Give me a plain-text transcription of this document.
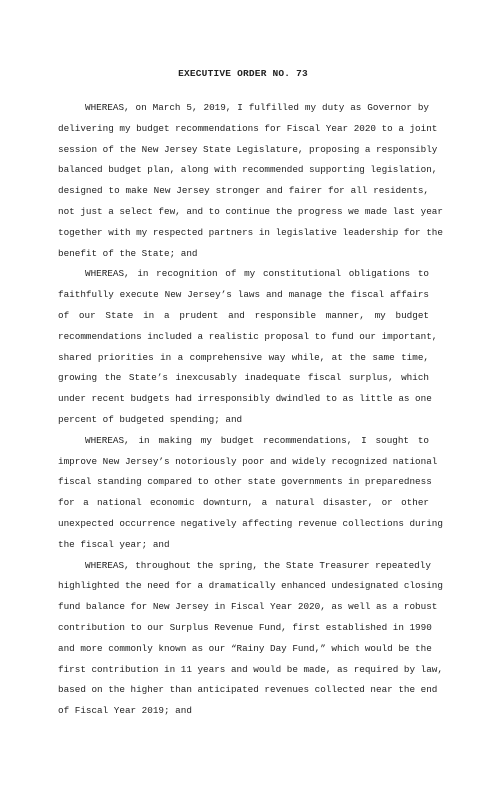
EXECUTIVE ORDER NO. 73
WHEREAS, on March 5, 2019, I fulfilled my duty as Governor by
delivering my budget recommendations for Fiscal Year 2020 to a joint
session of the New Jersey State Legislature, proposing a responsibly
balanced budget plan, along with recommended supporting legislation,
designed to make New Jersey stronger and fairer for all residents,
not just a select few, and to continue the progress we made last year
together with my respected partners in legislative leadership for the
benefit of the State; and
WHEREAS, in recognition of my constitutional obligations to
faithfully execute New Jersey’s laws and manage the fiscal affairs
of our State in a prudent and responsible manner, my budget
recommendations included a realistic proposal to fund our important,
shared priorities in a comprehensive way while, at the same time,
growing the State’s inexcusably inadequate fiscal surplus, which
under recent budgets had irresponsibly dwindled to as little as one
percent of budgeted spending; and
WHEREAS, in making my budget recommendations, I sought to
improve New Jersey’s notoriously poor and widely recognized national
fiscal standing compared to other state governments in preparedness
for a national economic downturn, a natural disaster, or other
unexpected occurrence negatively affecting revenue collections during
the fiscal year; and
WHEREAS, throughout the spring, the State Treasurer repeatedly
highlighted the need for a dramatically enhanced undesignated closing
fund balance for New Jersey in Fiscal Year 2020, as well as a robust
contribution to our Surplus Revenue Fund, first established in 1990
and more commonly known as our “Rainy Day Fund,” which would be the
first contribution in 11 years and would be made, as required by law,
based on the higher than anticipated revenues collected near the end
of Fiscal Year 2019; and
